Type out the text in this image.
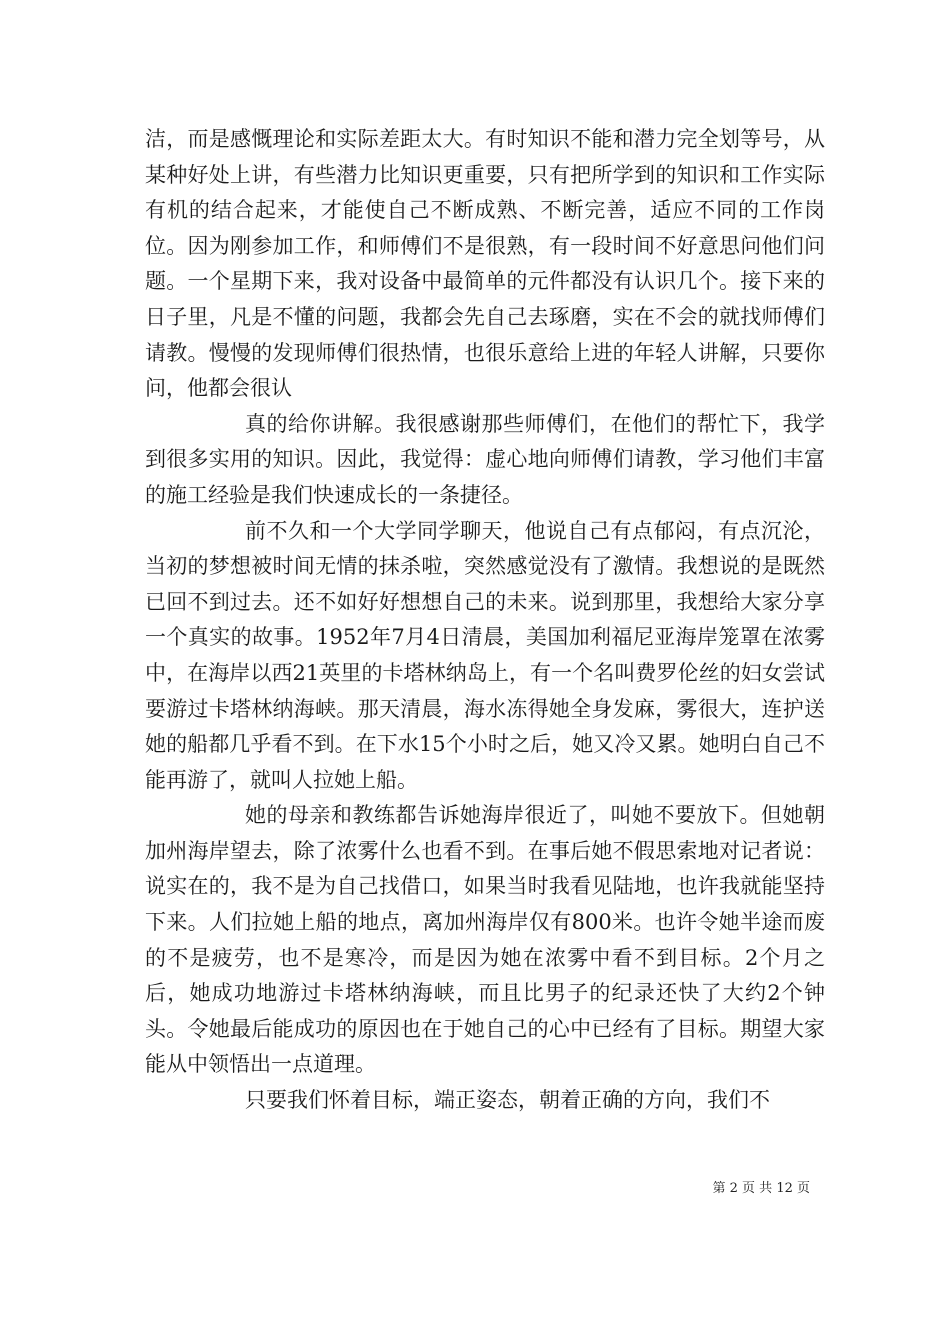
洁，而是感慨理论和实际差距太大。有时知识不能和潜力完全划等号，从某种好处上讲，有些潜力比知识更重要，只有把所学到的知识和工作实际有机的结合起来，才能使自己不断成熟、不断完善，适应不同的工作岗位。因为刚参加工作，和师傅们不是很熟，有一段时间不好意思问他们问题。一个星期下来，我对设备中最简单的元件都没有认识几个。接下来的日子里，凡是不懂的问题，我都会先自己去琢磨，实在不会的就找师傅们请教。慢慢的发现师傅们很热情，也很乐意给上进的年轻人讲解，只要你问，他都会很认

真的给你讲解。我很感谢那些师傅们，在他们的帮忙下，我学到很多实用的知识。因此，我觉得：虚心地向师傅们请教，学习他们丰富的施工经验是我们快速成长的一条捷径。

前不久和一个大学同学聊天，他说自己有点郁闷，有点沉沦，当初的梦想被时间无情的抹杀啦，突然感觉没有了激情。我想说的是既然已回不到过去。还不如好好想想自己的未来。说到那里，我想给大家分享一个真实的故事。1952年7月4日清晨，美国加利福尼亚海岸笼罩在浓雾中，在海岸以西21英里的卡塔林纳岛上，有一个名叫费罗伦丝的妇女尝试要游过卡塔林纳海峡。那天清晨，海水冻得她全身发麻，雾很大，连护送她的船都几乎看不到。在下水15个小时之后，她又冷又累。她明白自己不能再游了，就叫人拉她上船。

她的母亲和教练都告诉她海岸很近了，叫她不要放下。但她朝加州海岸望去，除了浓雾什么也看不到。在事后她不假思索地对记者说：说实在的，我不是为自己找借口，如果当时我看见陆地，也许我就能坚持下来。人们拉她上船的地点，离加州海岸仅有800米。也许令她半途而废的不是疲劳，也不是寒冷，而是因为她在浓雾中看不到目标。2个月之后，她成功地游过卡塔林纳海峡，而且比男子的纪录还快了大约2个钟头。令她最后能成功的原因也在于她自己的心中已经有了目标。期望大家能从中领悟出一点道理。

只要我们怀着目标，端正姿态，朝着正确的方向，我们不

第 2 页 共 12 页
